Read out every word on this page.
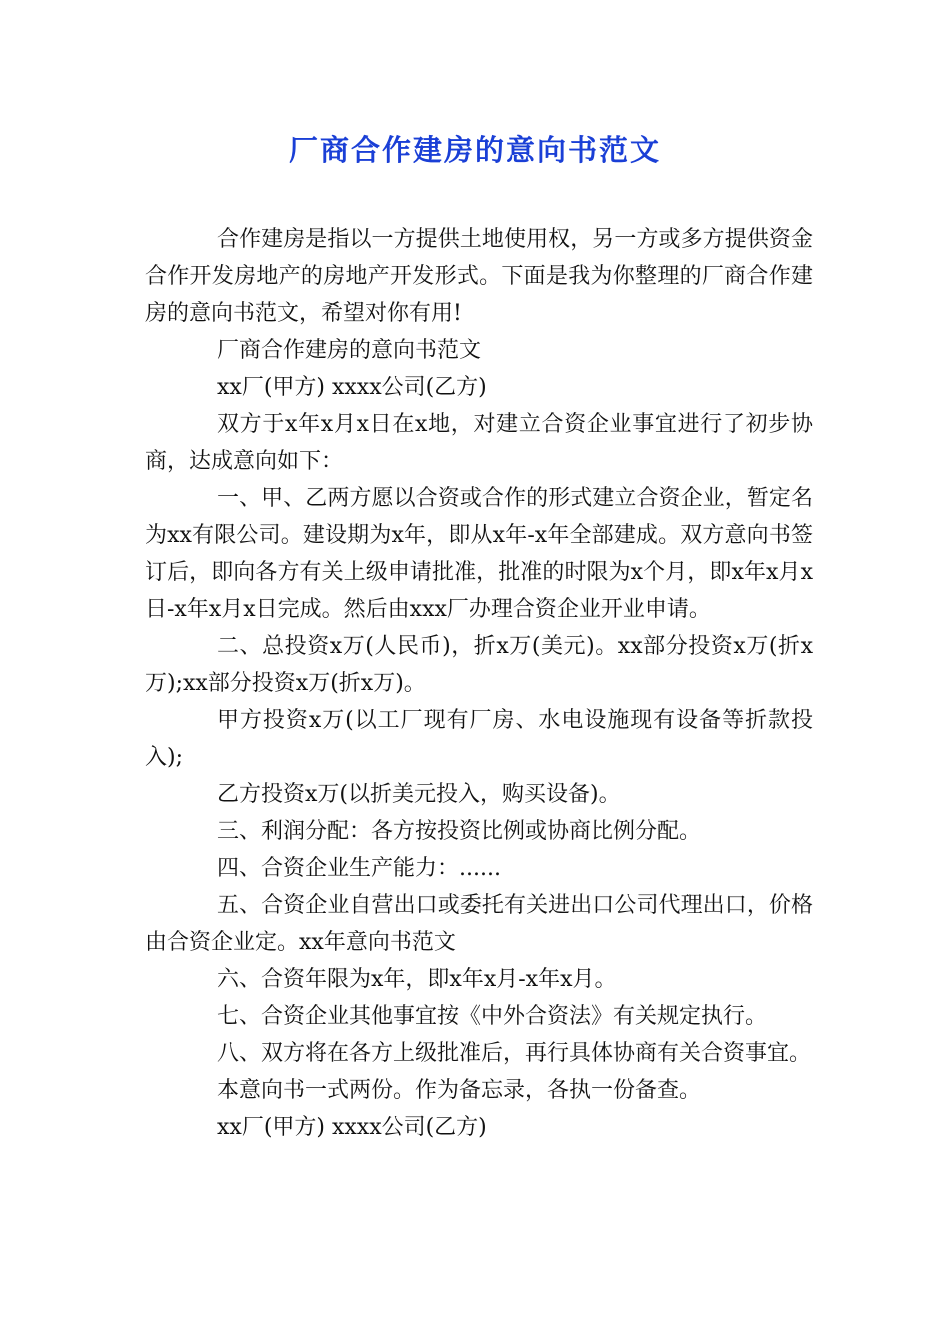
厂商合作建房的意向书范文

合作建房是指以一方提供土地使用权，另一方或多方提供资金合作开发房地产的房地产开发形式。下面是我为你整理的厂商合作建房的意向书范文，希望对你有用!

厂商合作建房的意向书范文

xx厂(甲方) xxxx公司(乙方)

双方于x年x月x日在x地，对建立合资企业事宜进行了初步协商，达成意向如下：

一、甲、乙两方愿以合资或合作的形式建立合资企业，暂定名为xx有限公司。建设期为x年，即从x年-x年全部建成。双方意向书签订后，即向各方有关上级申请批准，批准的时限为x个月，即x年x月x日-x年x月x日完成。然后由xxx厂办理合资企业开业申请。

二、总投资x万(人民币)，折x万(美元)。xx部分投资x万(折x万);xx部分投资x万(折x万)。

甲方投资x万(以工厂现有厂房、水电设施现有设备等折款投入);

乙方投资x万(以折美元投入，购买设备)。

三、利润分配：各方按投资比例或协商比例分配。

四、合资企业生产能力：......

五、合资企业自营出口或委托有关进出口公司代理出口，价格由合资企业定。xx年意向书范文

六、合资年限为x年，即x年x月-x年x月。

七、合资企业其他事宜按《中外合资法》有关规定执行。

八、双方将在各方上级批准后，再行具体协商有关合资事宜。

本意向书一式两份。作为备忘录，各执一份备查。

xx厂(甲方) xxxx公司(乙方)
